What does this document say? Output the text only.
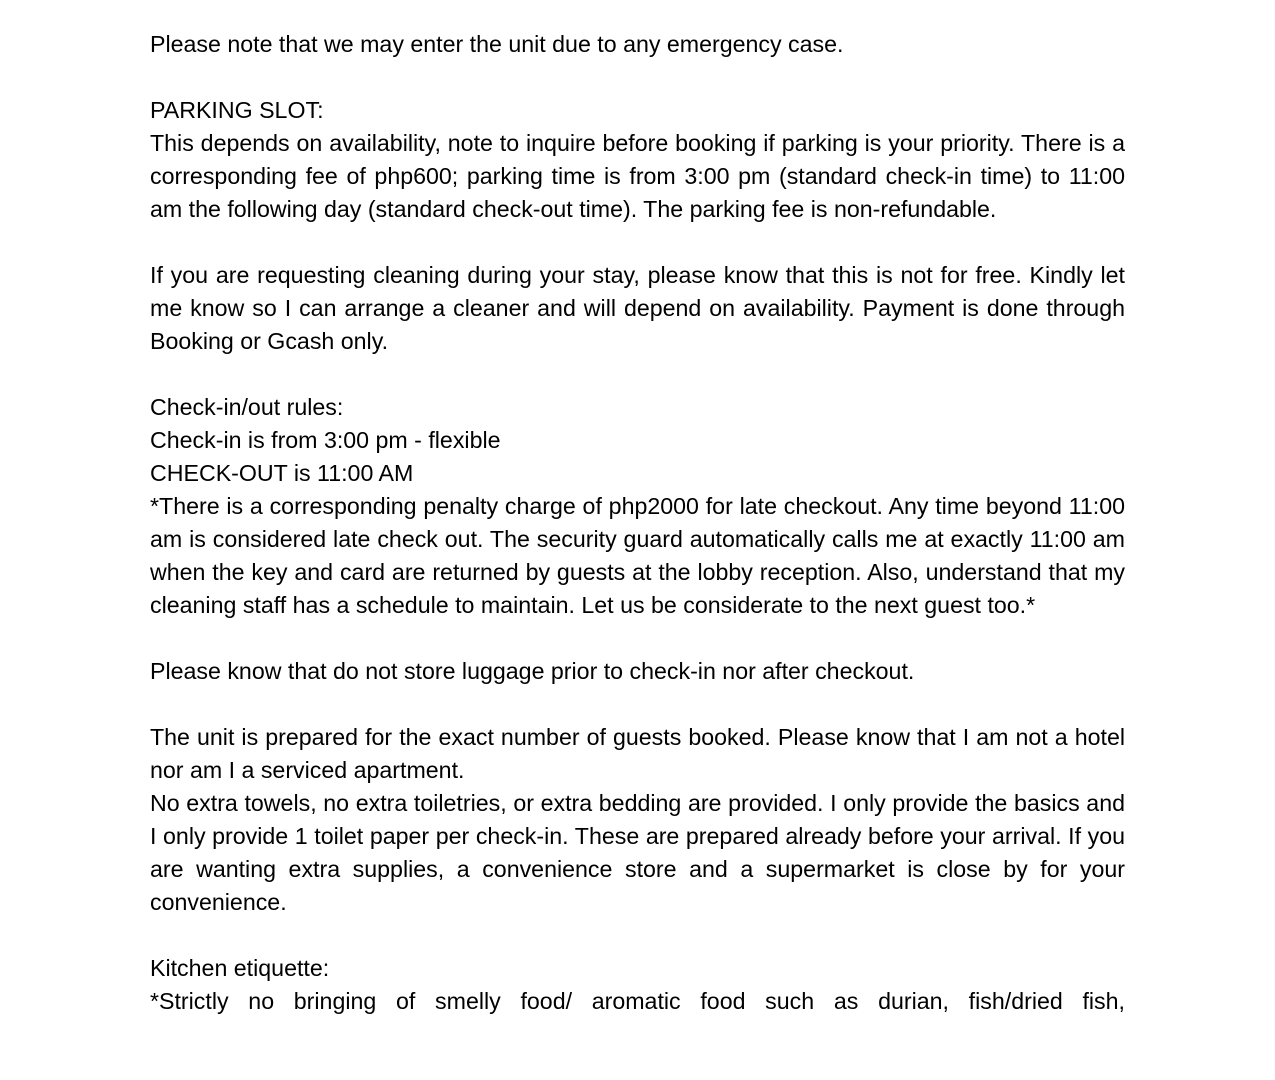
Please note that we may enter the unit due to any emergency case.

PARKING SLOT:

This depends on availability, note to inquire before booking if parking is your priority. There is a corresponding fee of php600; parking time is from 3:00 pm (standard check-in time) to 11:00 am the following day (standard check-out time). The parking fee is non-refundable.

If you are requesting cleaning during your stay, please know that this is not for free. Kindly let me know so I can arrange a cleaner and will depend on availability. Payment is done through Booking or Gcash only.

Check-in/out rules:

Check-in is from 3:00 pm - flexible

CHECK-OUT is 11:00 AM

*There is a corresponding penalty charge of php2000 for late checkout. Any time beyond 11:00 am is considered late check out. The security guard automatically calls me at exactly 11:00 am when the key and card are returned by guests at the lobby reception. Also, understand that my cleaning staff has a schedule to maintain. Let us be considerate to the next guest too.*

Please know that do not store luggage prior to check-in nor after checkout.

The unit is prepared for the exact number of guests booked. Please know that I am not a hotel nor am I a serviced apartment.

No extra towels, no extra toiletries, or extra bedding are provided. I only provide the basics and I only provide 1 toilet paper per check-in. These are prepared already before your arrival. If you are wanting extra supplies, a convenience store and a supermarket is close by for your convenience.

Kitchen etiquette:

*Strictly no bringing of smelly food/ aromatic food such as durian, fish/dried fish,
